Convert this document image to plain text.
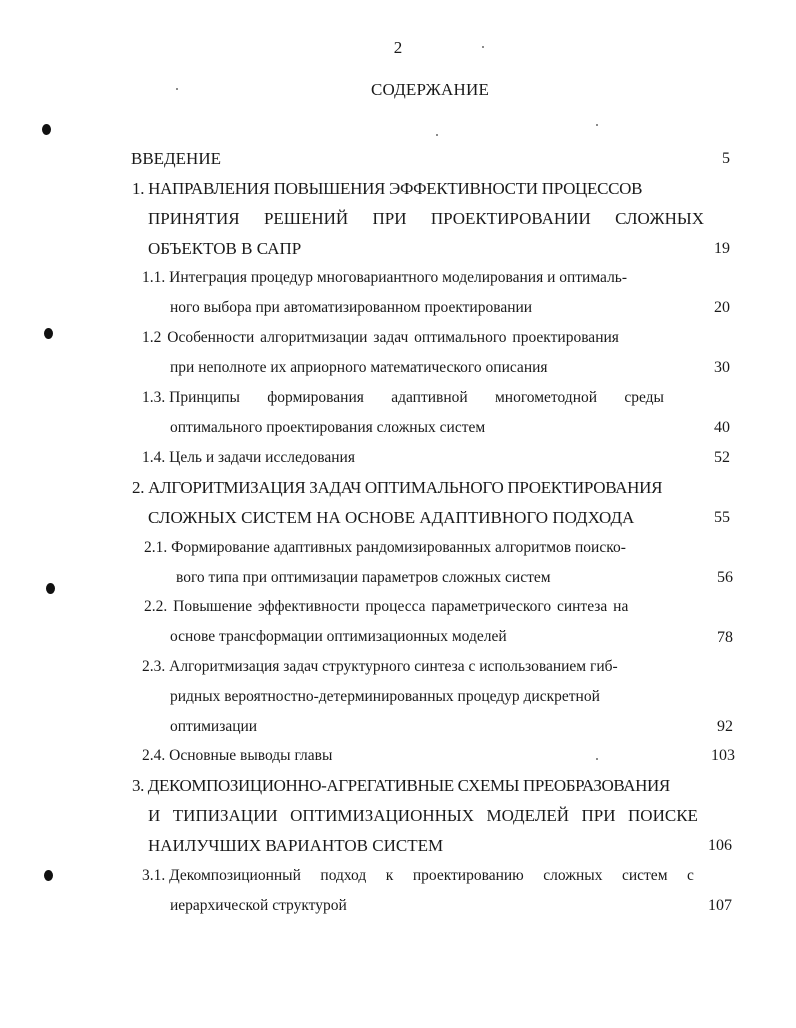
2
СОДЕРЖАНИЕ
ВВЕДЕНИЕ	5
1. НАПРАВЛЕНИЯ ПОВЫШЕНИЯ ЭФФЕКТИВНОСТИ ПРОЦЕССОВ
ПРИНЯТИЯ РЕШЕНИЙ ПРИ ПРОЕКТИРОВАНИИ СЛОЖНЫХ
ОБЪЕКТОВ В САПР	19
1.1. Интеграция процедур многовариантного моделирования и оптималь-
ного выбора при автоматизированном проектировании	20
1.2 Особенности алгоритмизации задач оптимального проектирования
при неполноте их априорного математического описания	30
1.3. Принципы формирования адаптивной многометодной среды
оптимального проектирования сложных систем	40
1.4. Цель и задачи исследования	52
2. АЛГОРИТМИЗАЦИЯ ЗАДАЧ ОПТИМАЛЬНОГО ПРОЕКТИРОВАНИЯ
СЛОЖНЫХ СИСТЕМ НА ОСНОВЕ АДАПТИВНОГО ПОДХОДА	55
2.1. Формирование адаптивных рандомизированных алгоритмов поиско-
вого типа при оптимизации параметров сложных систем	56
2.2. Повышение эффективности процесса параметрического синтеза на
основе трансформации оптимизационных моделей	78
2.3. Алгоритмизация задач структурного синтеза с использованием гиб-
ридных вероятностно-детерминированных процедур дискретной
оптимизации	92
2.4. Основные выводы главы	103
3. ДЕКОМПОЗИЦИОННО-АГРЕГАТИВНЫЕ СХЕМЫ ПРЕОБРАЗОВАНИЯ
И ТИПИЗАЦИИ ОПТИМИЗАЦИОННЫХ МОДЕЛЕЙ ПРИ ПОИСКЕ
НАИЛУЧШИХ ВАРИАНТОВ СИСТЕМ	106
3.1. Декомпозиционный подход к проектированию сложных систем с
иерархической структурой	107
